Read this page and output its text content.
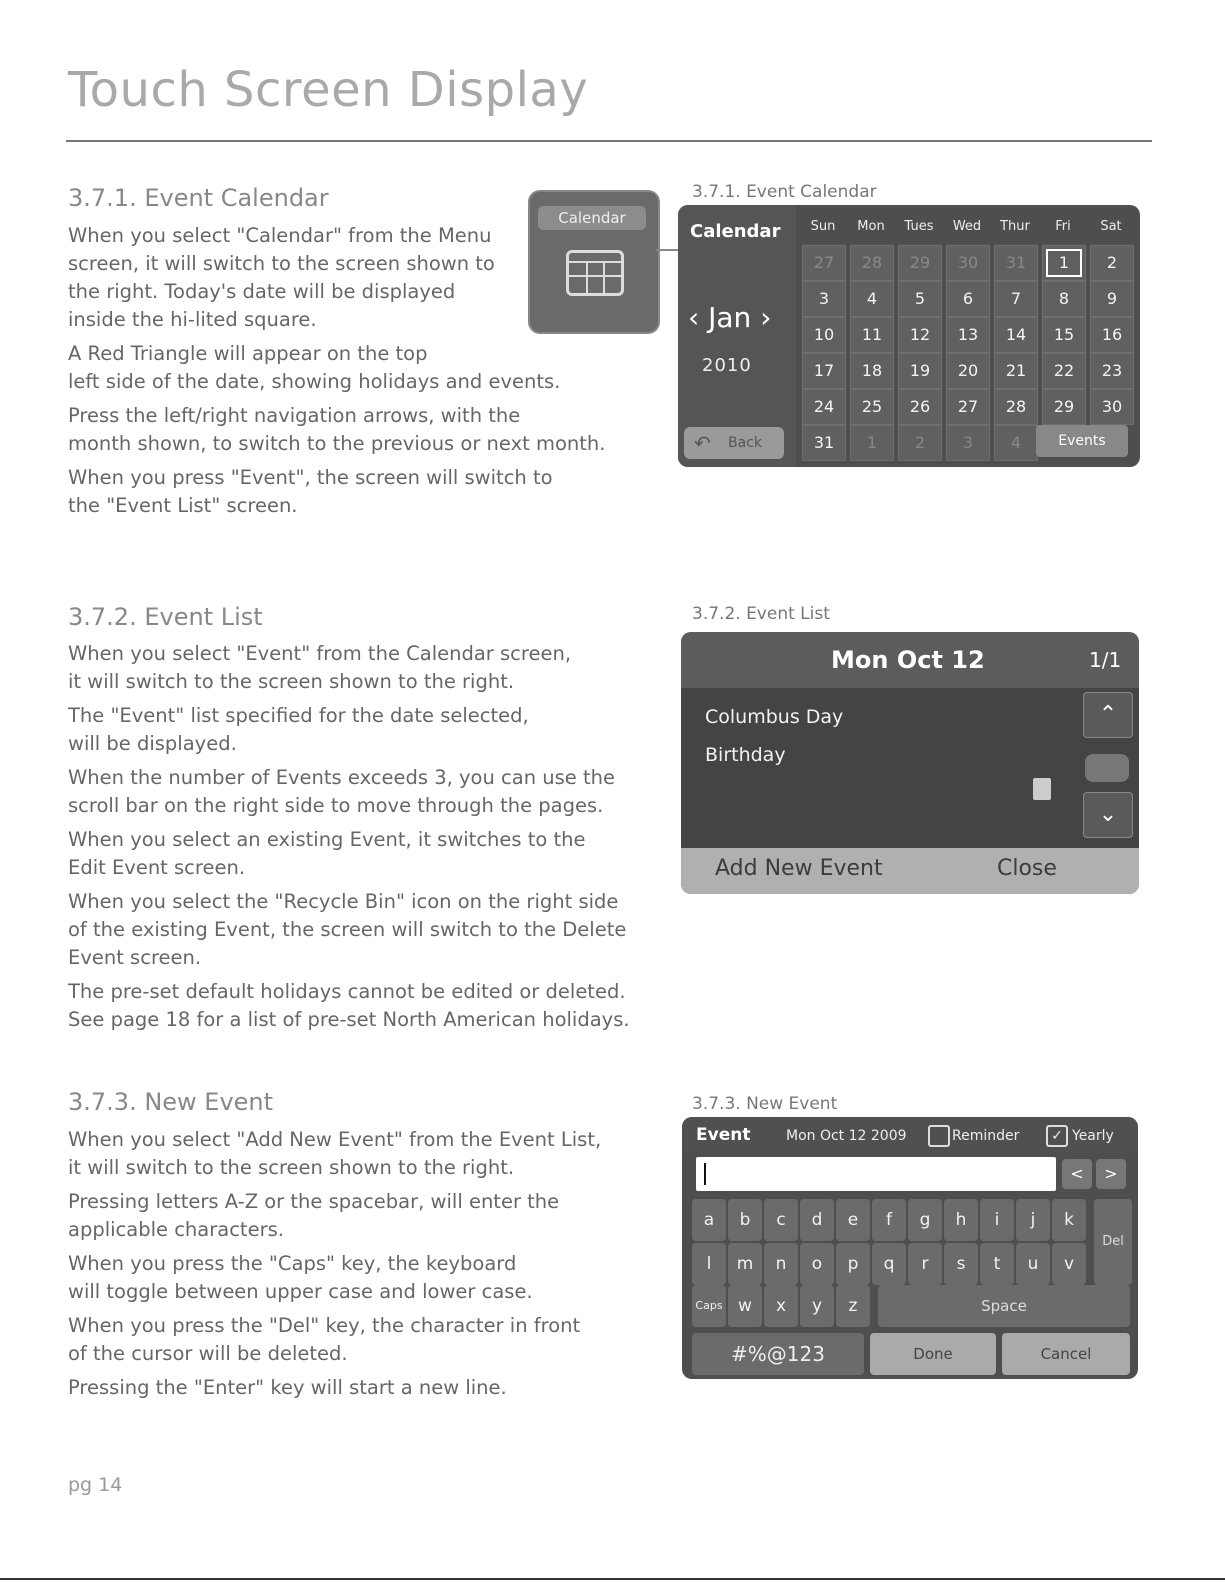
Touch Screen Display
3.7.1. Event Calendar
When you select "Calendar" from the Menu
screen, it will switch to the screen shown to
the right. Today's date will be displayed
inside the hi-lited square.
A Red Triangle will appear on the top
left side of the date, showing holidays and events.
Press the left/right navigation arrows, with the
month shown, to switch to the previous or next month.
When you press "Event", the screen will switch to
the "Event List" screen.
Calendar
3.7.1. Event Calendar
Calendar
‹ Jan ›
2010
↶ Back
Sun	Mon	Tues	Wed	Thur	Fri	Sat
27	28	29	30	31	1	2
3	4	5	6	7	8	9
10	11	12	13	14	15	16
17	18	19	20	21	22	23
24	25	26	27	28	29	30
31	1	2	3	4	Events
3.7.2. Event List
When you select "Event" from the Calendar screen,
it will switch to the screen shown to the right.
The "Event" list specified for the date selected,
will be displayed.
When the number of Events exceeds 3, you can use the
scroll bar on the right side to move through the pages.
When you select an existing Event, it switches to the
Edit Event screen.
When you select the "Recycle Bin" icon on the right side
of the existing Event, the screen will switch to the Delete
Event screen.
The pre-set default holidays cannot be edited or deleted.
See page 18 for a list of pre-set North American holidays.
3.7.2. Event List
Mon Oct 12	1/1
Columbus Day
Birthday
⌃
⌄
Add New Event	Close
3.7.3. New Event
When you select "Add New Event" from the Event List,
it will switch to the screen shown to the right.
Pressing letters A-Z or the spacebar, will enter the
applicable characters.
When you press the "Caps" key, the keyboard
will toggle between upper case and lower case.
When you press the "Del" key, the character in front
of the cursor will be deleted.
Pressing the "Enter" key will start a new line.
3.7.3. New Event
Event	Mon Oct 12 2009	Reminder	✓ Yearly
<	>
a	b	c	d	e	f	g	h	i	j	k
l	m	n	o	p	q	r	s	t	u	v
Caps w	x	y	z
Del
Space
#%@123	Done	Cancel
pg 14
